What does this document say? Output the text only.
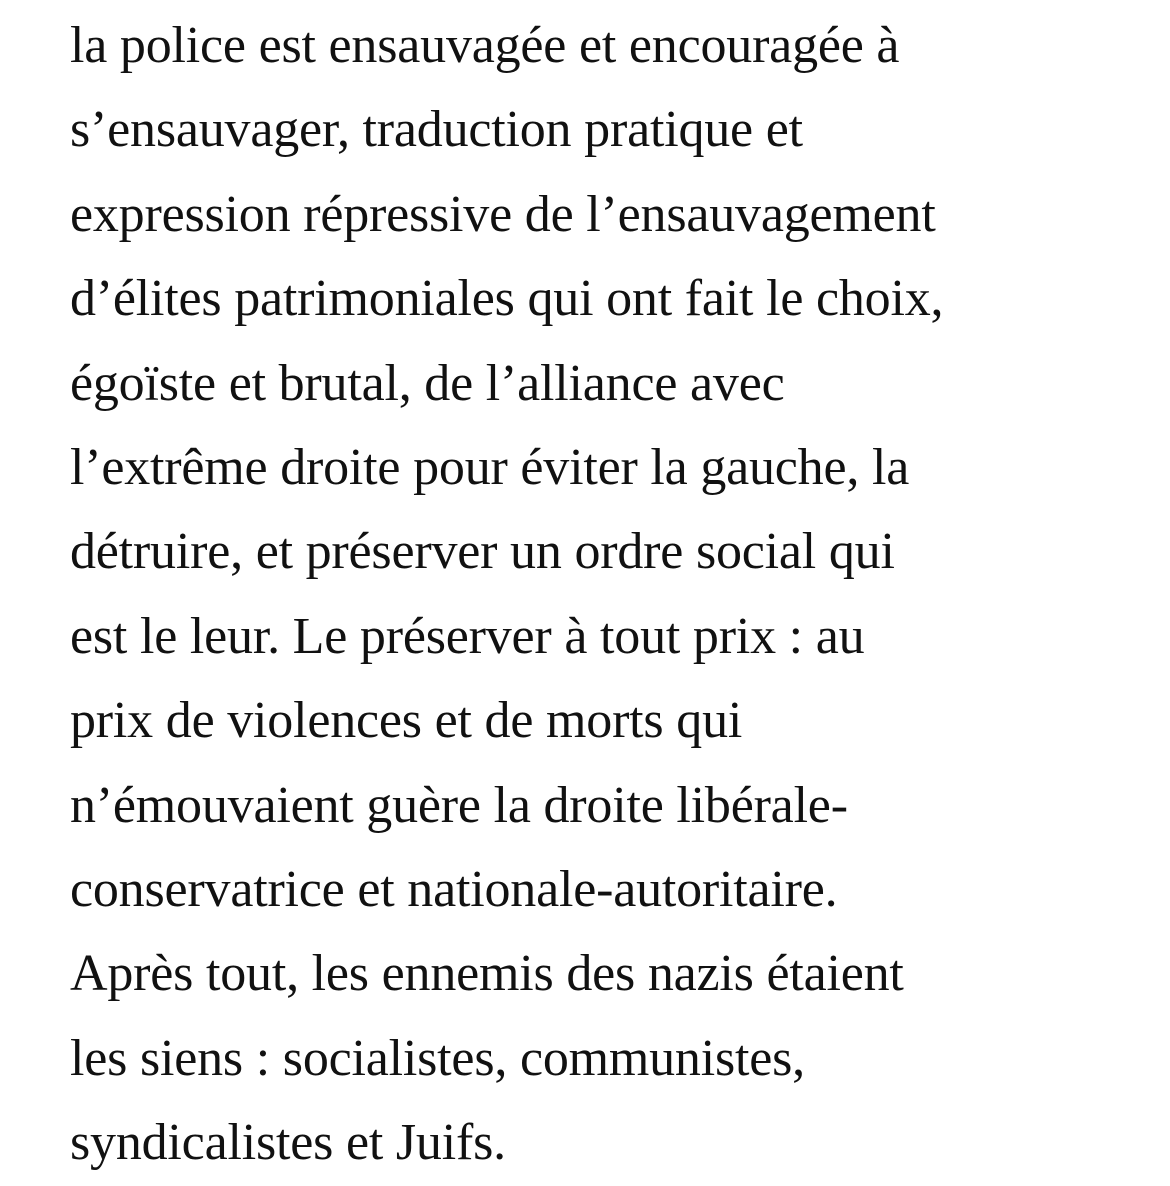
la police est ensauvagée et encouragée à
s’ensauvager, traduction pratique et
expression répressive de l’ensauvagement
d’élites patrimoniales qui ont fait le choix,
égoïste et brutal, de l’alliance avec
l’extrême droite pour éviter la gauche, la
détruire, et préserver un ordre social qui
est le leur. Le préserver à tout prix : au
prix de violences et de morts qui
n’émouvaient guère la droite libérale-
conservatrice et nationale-autoritaire.
Après tout, les ennemis des nazis étaient
les siens : socialistes, communistes,
syndicalistes et Juifs.
